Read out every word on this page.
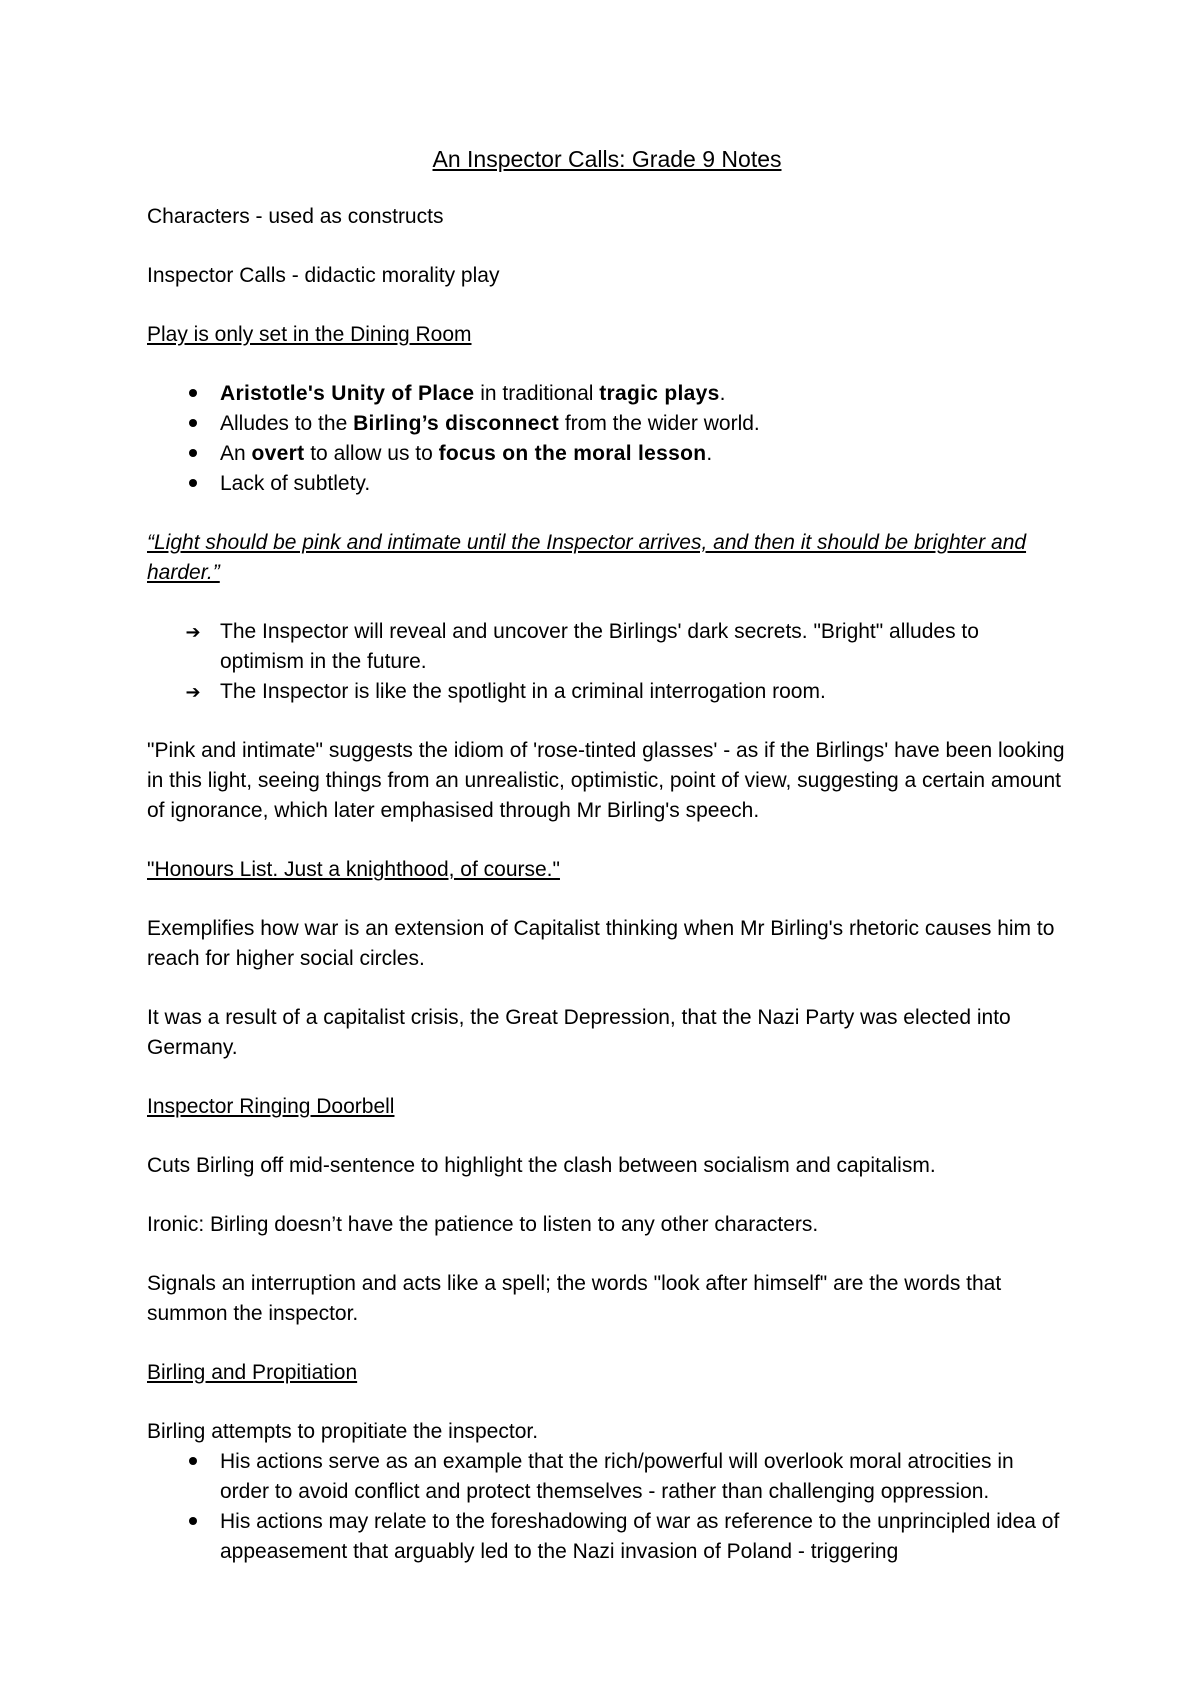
An Inspector Calls: Grade 9 Notes

Characters - used as constructs

Inspector Calls - didactic morality play

Play is only set in the Dining Room

Aristotle's Unity of Place in traditional tragic plays.
Alludes to the Birling’s disconnect from the wider world.
An overt to allow us to focus on the moral lesson.
Lack of subtlety.

“Light should be pink and intimate until the Inspector arrives, and then it should be brighter and harder.”

➔ The Inspector will reveal and uncover the Birlings' dark secrets. "Bright" alludes to optimism in the future.
➔ The Inspector is like the spotlight in a criminal interrogation room.

"Pink and intimate" suggests the idiom of 'rose-tinted glasses' - as if the Birlings' have been looking in this light, seeing things from an unrealistic, optimistic, point of view, suggesting a certain amount of ignorance, which later emphasised through Mr Birling's speech.

"Honours List. Just a knighthood, of course."

Exemplifies how war is an extension of Capitalist thinking when Mr Birling's rhetoric causes him to reach for higher social circles.

It was a result of a capitalist crisis, the Great Depression, that the Nazi Party was elected into Germany.

Inspector Ringing Doorbell

Cuts Birling off mid-sentence to highlight the clash between socialism and capitalism.

Ironic: Birling doesn’t have the patience to listen to any other characters.

Signals an interruption and acts like a spell; the words "look after himself" are the words that summon the inspector.

Birling and Propitiation

Birling attempts to propitiate the inspector.

His actions serve as an example that the rich/powerful will overlook moral atrocities in order to avoid conflict and protect themselves - rather than challenging oppression.
His actions may relate to the foreshadowing of war as reference to the unprincipled idea of appeasement that arguably led to the Nazi invasion of Poland - triggering
